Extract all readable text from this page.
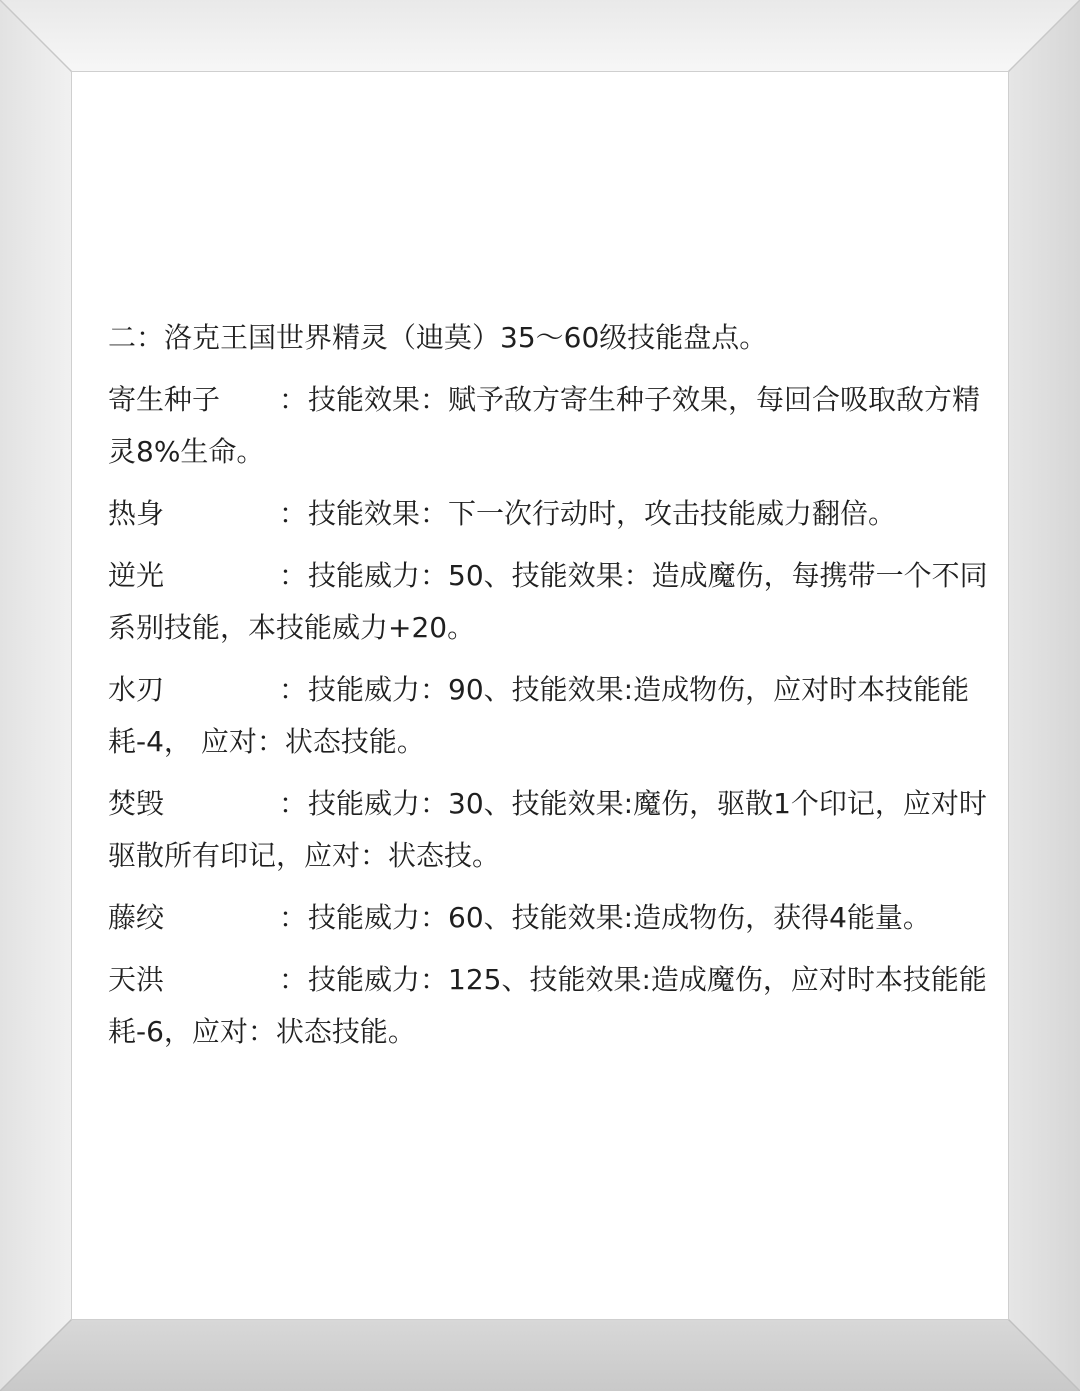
二：洛克王国世界精灵（迪莫）35～60级技能盘点。
寄生种子 ：技能效果：赋予敌方寄生种子效果，每回合吸取敌方精灵8%生命。
热身	：技能效果：下一次行动时，攻击技能威力翻倍。
逆光	：技能威力：50、技能效果：造成魔伤，每携带一个不同系别技能，本技能威力+20。
水刃	：技能威力：90、技能效果:造成物伤，应对时本技能能耗-4， 应对：状态技能。
焚毁	：技能威力：30、技能效果:魔伤，驱散1个印记，应对时驱散所有印记，应对：状态技。
藤绞	：技能威力：60、技能效果:造成物伤，获得4能量。
天洪	：技能威力：125、技能效果:造成魔伤，应对时本技能能耗-6，应对：状态技能。
